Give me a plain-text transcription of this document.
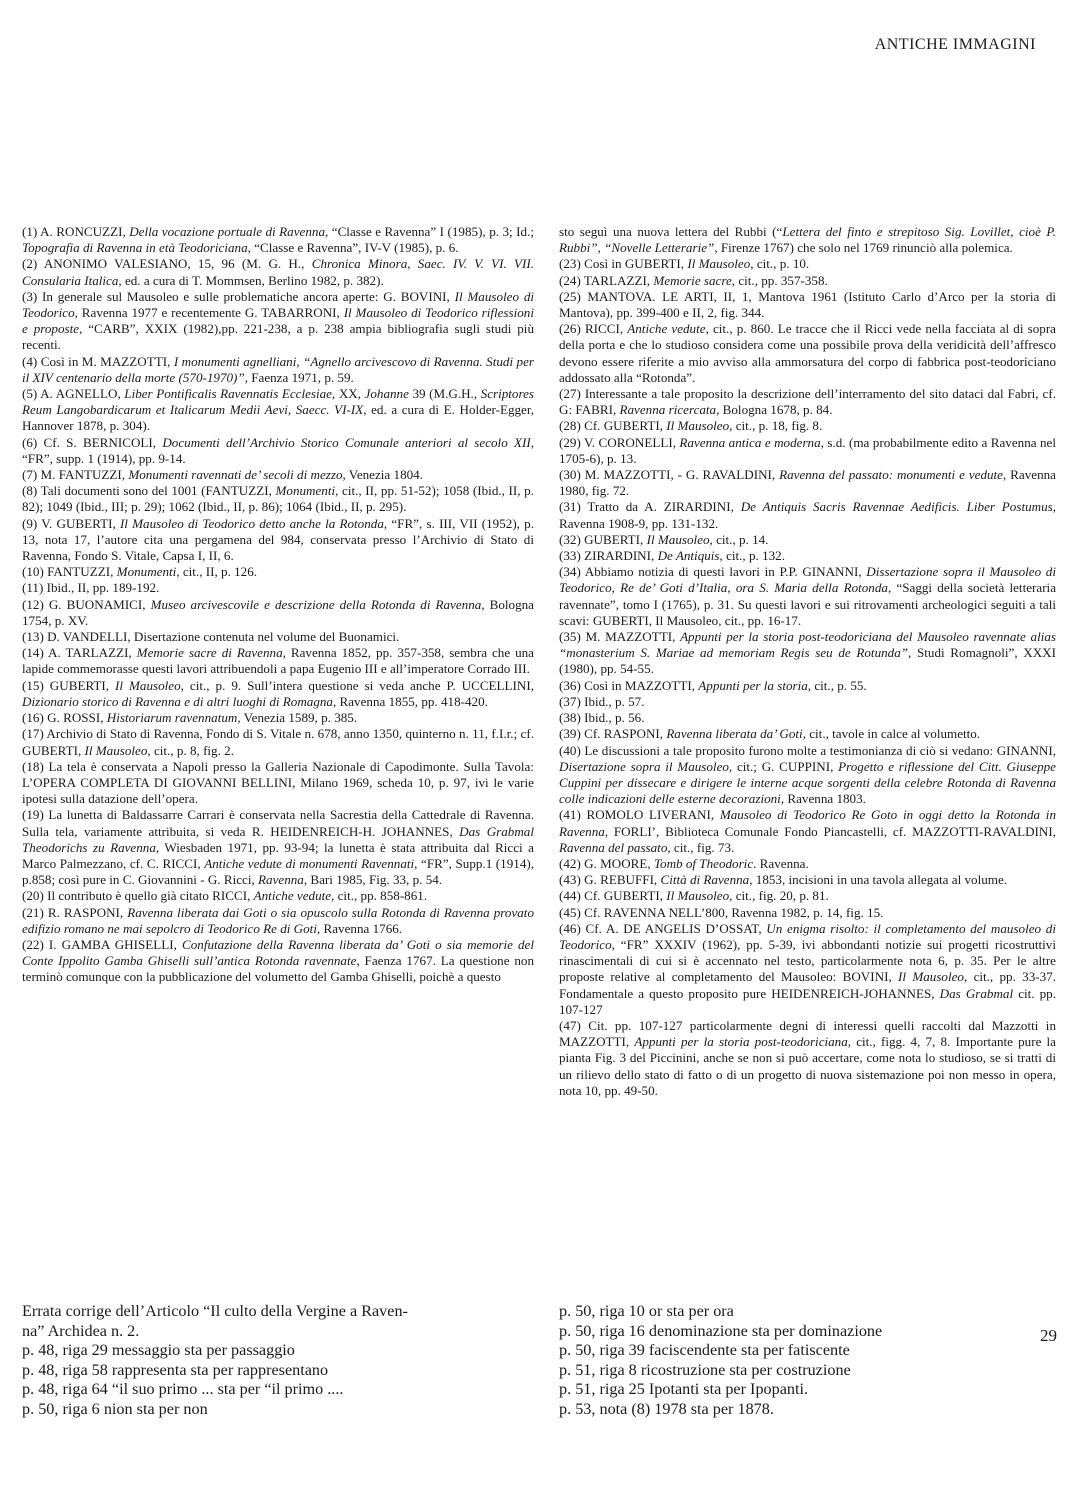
ANTICHE IMMAGINI

(1) A. RONCUZZI, Della vocazione portuale di Ravenna, “Classe e Ravenna” I (1985), p. 3; Id.; Topografia di Ravenna in età Teodoriciana, “Classe e Ravenna”, IV-V (1985), p. 6.

(2) ANONIMO VALESIANO, 15, 96 (M. G. H., Chronica Minora, Saec. IV. V. VI. VII. Consularia Italica, ed. a cura di T. Mommsen, Berlino 1982, p. 382).

(3) In generale sul Mausoleo e sulle problematiche ancora aperte: G. BOVINI, Il Mausoleo di Teodorico, Ravenna 1977 e recentemente G. TABARRONI, Il Mausoleo di Teodorico riflessioni e proposte, “CARB”, XXIX (1982),pp. 221-238, a p. 238 ampia bibliografia sugli studi più recenti.

(4) Così in M. MAZZOTTI, I monumenti agnelliani, “Agnello arcivescovo di Ravenna. Studi per il XIV centenario della morte (570-1970)”, Faenza 1971, p. 59.

(5) A. AGNELLO, Liber Pontificalis Ravennatis Ecclesiae, XX, Johanne 39 (M.G.H., Scriptores Reum Langobardicarum et Italicarum Medii Aevi, Saecc. VI-IX, ed. a cura di E. Holder-Egger, Hannover 1878, p. 304).

(6) Cf. S. BERNICOLI, Documenti dell’Archivio Storico Comunale anteriori al secolo XII, “FR”, supp. 1 (1914), pp. 9-14.

(7) M. FANTUZZI, Monumenti ravennati de’ secoli di mezzo, Venezia 1804.

(8) Tali documenti sono del 1001 (FANTUZZI, Monumenti, cit., II, pp. 51-52); 1058 (Ibid., II, p. 82); 1049 (Ibid., III; p. 29); 1062 (Ibid., II, p. 86); 1064 (Ibid., II, p. 295).

(9) V. GUBERTI, Il Mausoleo di Teodorico detto anche la Rotonda, “FR”, s. III, VII (1952), p. 13, nota 17, l’autore cita una pergamena del 984, conservata presso l’Archivio di Stato di Ravenna, Fondo S. Vitale, Capsa I, II, 6.

(10) FANTUZZI, Monumenti, cit., II, p. 126.

(11) Ibid., II, pp. 189-192.

(12) G. BUONAMICI, Museo arcivescovile e descrizione della Rotonda di Ravenna, Bologna 1754, p. XV.

(13) D. VANDELLI, Disertazione contenuta nel volume del Buonamici.

(14) A. TARLAZZI, Memorie sacre di Ravenna, Ravenna 1852, pp. 357-358, sembra che una lapide commemorasse questi lavori attribuendoli a papa Eugenio III e all’imperatore Corrado III.

(15) GUBERTI, Il Mausoleo, cit., p. 9. Sull’intera questione si veda anche P. UCCELLINI, Dizionario storico di Ravenna e di altri luoghi di Romagna, Ravenna 1855, pp. 418-420.

(16) G. ROSSI, Historiarum ravennatum, Venezia 1589, p. 385.

(17) Archivio di Stato di Ravenna, Fondo di S. Vitale n. 678, anno 1350, quinterno n. 11, f.I.r.; cf. GUBERTI, Il Mausoleo, cit., p. 8, fig. 2.

(18) La tela è conservata a Napoli presso la Galleria Nazionale di Capodimonte. Sulla Tavola: L’OPERA COMPLETA DI GIOVANNI BELLINI, Milano 1969, scheda 10, p. 97, ivi le varie ipotesi sulla datazione dell’opera.

(19) La lunetta di Baldassarre Carrari è conservata nella Sacrestia della Cattedrale di Ravenna. Sulla tela, variamente attribuita, si veda R. HEIDENREICH-H. JOHANNES, Das Grabmal Theodorichs zu Ravenna, Wiesbaden 1971, pp. 93-94; la lunetta è stata attribuita dal Ricci a Marco Palmezzano, cf. C. RICCI, Antiche vedute di monumenti Ravennati, “FR”, Supp.1 (1914), p.858; così pure in C. Giovannini - G. Ricci, Ravenna, Bari 1985, Fig. 33, p. 54.

(20) Il contributo è quello già citato RICCI, Antiche vedute, cit., pp. 858-861.

(21) R. RASPONI, Ravenna liberata dai Goti o sia opuscolo sulla Rotonda di Ravenna provato edifizio romano ne mai sepolcro di Teodorico Re di Goti, Ravenna 1766.

(22) I. GAMBA GHISELLI, Confutazione della Ravenna liberata da’ Goti o sia memorie del Conte Ippolito Gamba Ghiselli sull’antica Rotonda ravennate, Faenza 1767. La questione non terminò comunque con la pubblicazione del volumetto del Gamba Ghiselli, poichè a questo

sto seguì una nuova lettera del Rubbi (“Lettera del finto e strepitoso Sig. Lovillet, cioè P. Rubbi”, “Novelle Letterarie”, Firenze 1767) che solo nel 1769 rinunciò alla polemica.

(23) Così in GUBERTI, Il Mausoleo, cit., p. 10.

(24) TARLAZZI, Memorie sacre, cit., pp. 357-358.

(25) MANTOVA. LE ARTI, II, 1, Mantova 1961 (Istituto Carlo d’Arco per la storia di Mantova), pp. 399-400 e II, 2, fig. 344.

(26) RICCI, Antiche vedute, cit., p. 860. Le tracce che il Ricci vede nella facciata al di sopra della porta e che lo studioso considera come una possibile prova della veridicità dell’affresco devono essere riferite a mio avviso alla ammorsatura del corpo di fabbrica post-teodoriciano addossato alla “Rotonda”.

(27) Interessante a tale proposito la descrizione dell’interramento del sito dataci dal Fabri, cf. G: FABRI, Ravenna ricercata, Bologna 1678, p. 84.

(28) Cf. GUBERTI, Il Mausoleo, cit., p. 18, fig. 8.

(29) V. CORONELLI, Ravenna antica e moderna, s.d. (ma probabilmente edito a Ravenna nel 1705-6), p. 13.

(30) M. MAZZOTTI, - G. RAVALDINI, Ravenna del passato: monumenti e vedute, Ravenna 1980, fig. 72.

(31) Tratto da A. ZIRARDINI, De Antiquis Sacris Ravennae Aedificis. Liber Postumus, Ravenna 1908-9, pp. 131-132.

(32) GUBERTI, Il Mausoleo, cit., p. 14.

(33) ZIRARDINI, De Antiquis, cit., p. 132.

(34) Abbiamo notizia di questi lavori in P.P. GINANNI, Dissertazione sopra il Mausoleo di Teodorico, Re de’ Goti d’Italia, ora S. Maria della Rotonda, “Saggi della società letteraria ravennate”, tomo I (1765), p. 31. Su questi lavori e sui ritrovamenti archeologici seguiti a tali scavi: GUBERTI, Il Mausoleo, cit., pp. 16-17.

(35) M. MAZZOTTI, Appunti per la storia post-teodoriciana del Mausoleo ravennate alias “monasterium S. Mariae ad memoriam Regis seu de Rotunda”, Studi Romagnoli”, XXXI (1980), pp. 54-55.

(36) Così in MAZZOTTI, Appunti per la storia, cit., p. 55.

(37) Ibid., p. 57.

(38) Ibid., p. 56.

(39) Cf. RASPONI, Ravenna liberata da’ Goti, cit., tavole in calce al volumetto.

(40) Le discussioni a tale proposito furono molte a testimonianza di ciò si vedano: GINANNI, Disertazione sopra il Mausoleo, cit.; G. CUPPINI, Progetto e riflessione del Citt. Giuseppe Cuppini per dissecare e dirigere le interne acque sorgenti della celebre Rotonda di Ravenna colle indicazioni delle esterne decorazioni, Ravenna 1803.

(41) ROMOLO LIVERANI, Mausoleo di Teodorico Re Goto in oggi detto la Rotonda in Ravenna, FORLI’, Biblioteca Comunale Fondo Piancastelli, cf. MAZZOTTI-RAVALDINI, Ravenna del passato, cit., fig. 73.

(42) G. MOORE, Tomb of Theodoric. Ravenna.

(43) G. REBUFFI, Città di Ravenna, 1853, incisioni in una tavola allegata al volume.

(44) Cf. GUBERTI, Il Mausoleo, cit., fig. 20, p. 81.

(45) Cf. RAVENNA NELL’800, Ravenna 1982, p. 14, fig. 15.

(46) Cf. A. DE ANGELIS D’OSSAT, Un enigma risolto: il completamento del mausoleo di Teodorico, “FR” XXXIV (1962), pp. 5-39, ivi abbondanti notizie sui progetti ricostruttivi rinascimentali di cui si è accennato nel testo, particolarmente nota 6, p. 35. Per le altre proposte relative al completamento del Mausoleo: BOVINI, Il Mausoleo, cit., pp. 33-37. Fondamentale a questo proposito pure HEIDENREICH-JOHANNES, Das Grabmal cit. pp. 107-127

(47) Cit. pp. 107-127 particolarmente degni di interessi quelli raccolti dal Mazzotti in MAZZOTTI, Appunti per la storia post-teodoriciana, cit., figg. 4, 7, 8. Importante pure la pianta Fig. 3 del Piccinini, anche se non si può accertare, come nota lo studioso, se si tratti di un rilievo dello stato di fatto o di un progetto di nuova sistemazione poi non messo in opera, nota 10, pp. 49-50.

Errata corrige dell’Articolo “Il culto della Vergine a Raven-

na” Archidea n. 2.

p. 48, riga 29 messaggio sta per passaggio

p. 48, riga 58 rappresenta sta per rappresentano

p. 48, riga 64 “il suo primo ... sta per “il primo ....

p. 50, riga 6 nion sta per non

p. 50, riga 10 or sta per ora

p. 50, riga 16 denominazione sta per dominazione

p. 50, riga 39 faciscendente sta per fatiscente

p. 51, riga 8 ricostruzione sta per costruzione

p. 51, riga 25 Ipotanti sta per Ipopanti.

p. 53, nota (8) 1978 sta per 1878.

29
